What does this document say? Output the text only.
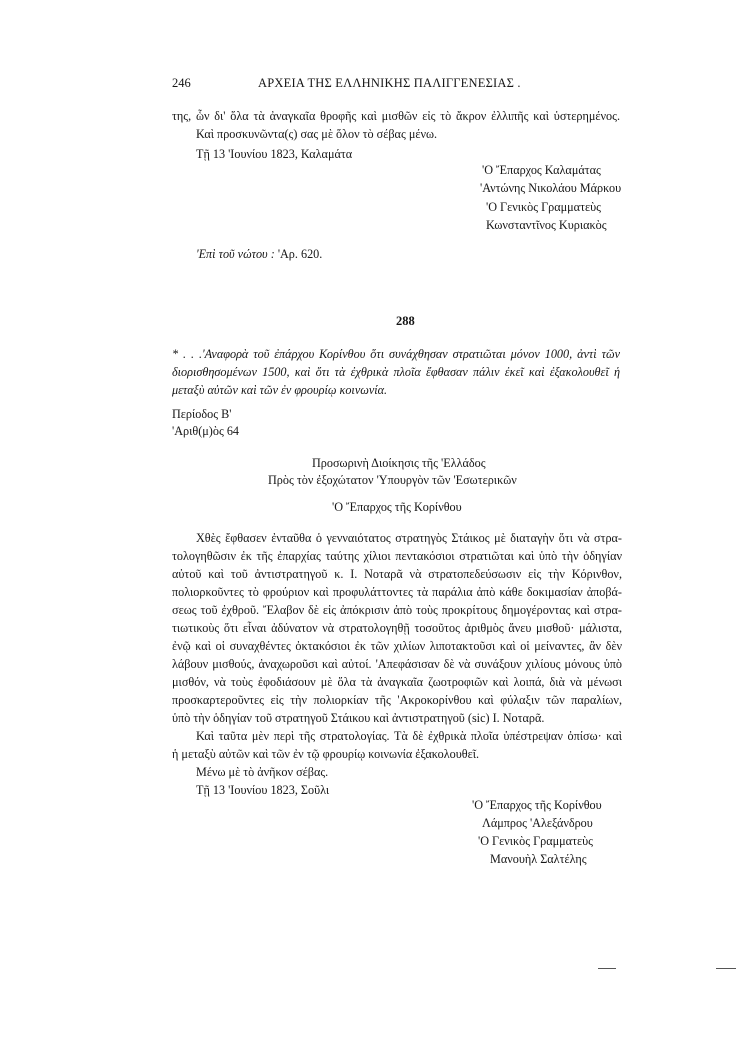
246	ΑΡΧΕΙΑ ΤΗΣ ΕΛΛΗΝΙΚΗΣ ΠΑΛΙΓΓΕΝΕΣΙΑΣ .
της, ὧν δι' ὅλα τὰ ἀναγκαῖα θροφῆς καὶ μισθῶν εἰς τὸ ἄκρον ἐλλιπῆς καὶ ὑστερημένος.
Καὶ προσκυνῶντα(ς) σας μὲ ὅλον τὸ σέβας μένω.
Τῇ 13 'Ιουνίου 1823, Καλαμάτα
'Ο Ἔπαρχος Καλαμάτας
'Αντώνης Νικολάου Μάρκου
'Ο Γενικὸς Γραμματεὺς
Κωνσταντῖνος Κυριακὸς
'Επὶ τοῦ νώτου : 'Αρ. 620.
288
* . . .'Αναφορὰ τοῦ ἐπάρχου Κορίνθου ὅτι συνάχθησαν στρατιῶται μόνον 1000, ἀντὶ τῶν
διορισθησομένων 1500, καὶ ὅτι τὰ ἐχθρικὰ πλοῖα ἔφθασαν πάλιν ἐκεῖ καὶ ἐξακολουθεῖ ἡ
μεταξὺ αὐτῶν καὶ τῶν ἐν φρουρίῳ κοινωνία.
Περίοδος Β'
'Αριθ(μ)ὸς 64
Προσωρινὴ Διοίκησις τῆς 'Ελλάδος
Πρὸς τὸν ἐξοχώτατον 'Υπουργὸν τῶν 'Εσωτερικῶν
'Ο Ἔπαρχος τῆς Κορίνθου
Χθὲς ἔφθασεν ἐνταῦθα ὁ γενναιότατος στρατηγὸς Στάικος μὲ διαταγὴν ὅτι νὰ στρα-
τολογηθῶσιν ἐκ τῆς ἐπαρχίας ταύτης χίλιοι πεντακόσιοι στρατιῶται καὶ ὑπὸ τὴν ὁδηγίαν
αὐτοῦ καὶ τοῦ ἀντιστρατηγοῦ κ. Ι. Νοταρᾶ νὰ στρατοπεδεύσωσιν εἰς τὴν Κόρινθον,
πολιορκοῦντες τὸ φρούριον καὶ προφυλάττοντες τὰ παράλια ἀπὸ κάθε δοκιμασίαν ἀποβά-
σεως τοῦ ἐχθροῦ. Ἔλαβον δὲ εἰς ἀπόκρισιν ἀπὸ τοὺς προκρίτους δημογέροντας καὶ στρα-
τιωτικοὺς ὅτι εἶναι ἀδύνατον νὰ στρατολογηθῇ τοσοῦτος ἀριθμὸς ἄνευ μισθοῦ· μάλιστα,
ἐνῷ καὶ οἱ συναχθέντες ὀκτακόσιοι ἐκ τῶν χιλίων λιποτακτοῦσι καὶ οἱ μείναντες, ἂν δὲν
λάβουν μισθούς, ἀναχωροῦσι καὶ αὐτοί. 'Απεφάσισαν δὲ νὰ συνάξουν χιλίους μόνους ὑπὸ
μισθόν, νὰ τοὺς ἐφοδιάσουν μὲ ὅλα τὰ ἀναγκαῖα ζωοτροφιῶν καὶ λοιπά, διὰ νὰ μένωσι
προσκαρτεροῦντες εἰς τὴν πολιορκίαν τῆς 'Ακροκορίνθου καὶ φύλαξιν τῶν παραλίων,
ὑπὸ τὴν ὁδηγίαν τοῦ στρατηγοῦ Στάικου καὶ ἀντιστρατηγοῦ (sic) Ι. Νοταρᾶ.
Καὶ ταῦτα μὲν περὶ τῆς στρατολογίας. Τὰ δὲ ἐχθρικὰ πλοῖα ὑπέστρεψαν ὀπίσω· καὶ
ἡ μεταξὺ αὐτῶν καὶ τῶν ἐν τῷ φρουρίῳ κοινωνία ἐξακολουθεῖ.
Μένω μὲ τὸ ἀνῆκον σέβας.
Τῇ 13 'Ιουνίου 1823, Σοῦλι
'Ο Ἔπαρχος τῆς Κορίνθου
Λάμπρος 'Αλεξάνδρου
'Ο Γενικὸς Γραμματεὺς
Μανουὴλ Σαλτέλης
